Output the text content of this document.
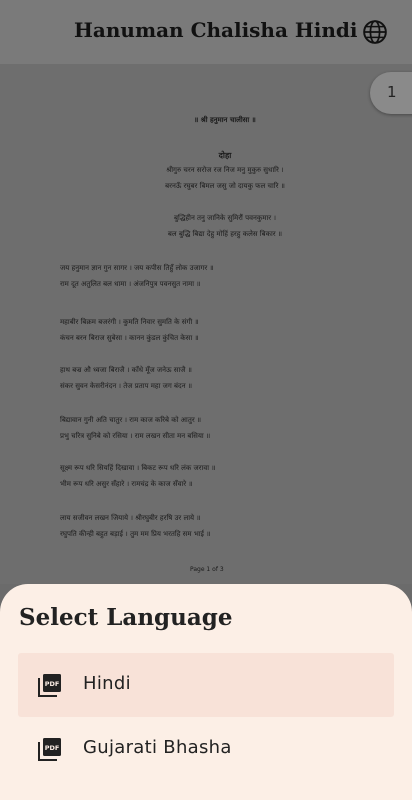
Hanuman Chalisha Hindi
॥ श्री हनुमान चालीसा ॥
दोहा
श्रीगुरु चरन सरोज रज निज मनु मुकुरु सुधारि ।
बरनऊँ रघुबर बिमल जसु जो दायकु फल चारि ॥
बुद्धिहीन तनु जानिके सुमिरौं पवनकुमार ।
बल बुद्धि बिद्या देहु मोहिं हरहु कलेस बिकार ॥
जय हनुमान ज्ञान गुन सागर । जय कपीस तिहुँ लोक उजागर ॥
राम दूत अतुलित बल धामा । अंजनिपुत्र पवनसुत नामा ॥
महाबीर बिक्रम बजरंगी । कुमति निवार सुमति के संगी ॥
कंचन बरन बिराज सुबेसा । कानन कुंडल कुंचित केसा ॥
हाथ बज्र औ ध्वजा बिराजै । काँधे मूँज जनेऊ साजै ॥
संकर सुवन केसरीनंदन । तेज प्रताप महा जग बंदन ॥
बिद्यावान गुनी अति चातुर । राम काज करिबे को आतुर ॥
प्रभु चरित्र सुनिबे को रसिया । राम लखन सीता मन बसिया ॥
सूक्ष्म रूप धरि सियहिं दिखावा । बिकट रूप धरि लंक जरावा ॥
भीम रूप धरि असुर सँहारे । रामचंद्र के काज सँवारे ॥
लाय सजीवन लखन जियाये । श्रीरघुबीर हरषि उर लाये ॥
रघुपति कीन्ही बहुत बड़ाई । तुम मम प्रिय भरतहि सम भाई ॥
Page 1 of 3
1
Select Language
PDF Hindi
PDF Gujarati Bhasha
